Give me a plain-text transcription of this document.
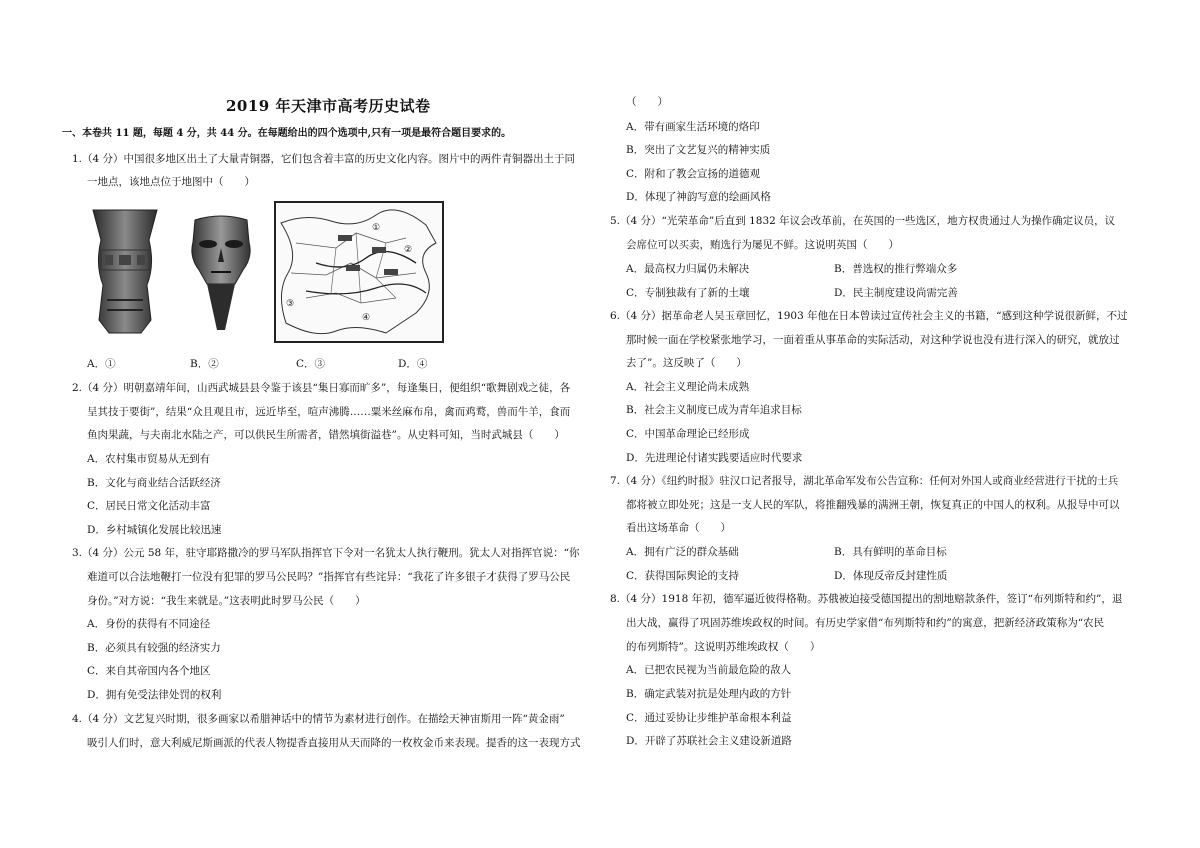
2019 年天津市高考历史试卷
一、本卷共 11 题，每题 4 分，共 44 分。在每题给出的四个选项中,只有一项是最符合题目要求的。
1.（4 分）中国很多地区出土了大量青铜器，它们包含着丰富的历史文化内容。图片中的两件青铜器出土于同
一地点，该地点位于地图中（　　）
①
②
③
④
A．①	B．②	C．③	D．④
2.（4 分）明朝嘉靖年间，山西武城县县令鉴于该县“集日寡而旷多”，每逢集日，便组织“歌舞剧戏之徒，各
呈其技于要街”，结果“众且观且市，远近毕至，喧声沸腾……粟米丝麻布帛，禽而鸡鹜，兽而牛羊，食而
鱼肉果蔬，与夫南北水陆之产，可以供民生所需者，错然填街溢巷”。从史料可知，当时武城县（　　）
A．农村集市贸易从无到有
B．文化与商业结合活跃经济
C．居民日常文化活动丰富
D．乡村城镇化发展比较迅速
3.（4 分）公元 58 年，驻守耶路撒冷的罗马军队指挥官下令对一名犹太人执行鞭刑。犹太人对指挥官说：“你
难道可以合法地鞭打一位没有犯罪的罗马公民吗？”指挥官有些诧异：“我花了许多银子才获得了罗马公民
身份。”对方说：“我生来就是。”这表明此时罗马公民（　　）
A．身份的获得有不同途径
B．必须具有较强的经济实力
C．来自其帝国内各个地区
D．拥有免受法律处罚的权利
4.（4 分）文艺复兴时期，很多画家以希腊神话中的情节为素材进行创作。在描绘天神宙斯用一阵“黄金雨”
吸引人们时，意大利威尼斯画派的代表人物提香直接用从天而降的一枚枚金币来表现。提香的这一表现方式
（　　）
A．带有画家生活环境的烙印
B．突出了文艺复兴的精神实质
C．附和了教会宣扬的道德观
D．体现了神韵写意的绘画风格
5.（4 分）“光荣革命”后直到 1832 年议会改革前，在英国的一些选区，地方权贵通过人为操作确定议员，议
会席位可以买卖，贿选行为屡见不鲜。这说明英国（　　）
A．最高权力归属仍未解决	B．普选权的推行弊端众多
C．专制独裁有了新的土壤	D．民主制度建设尚需完善
6.（4 分）据革命老人吴玉章回忆，1903 年他在日本曾读过宣传社会主义的书籍，“感到这种学说很新鲜，不过
那时候一面在学校紧张地学习，一面着重从事革命的实际活动，对这种学说也没有进行深入的研究，就放过
去了”。这反映了（　　）
A．社会主义理论尚未成熟
B．社会主义制度已成为青年追求目标
C．中国革命理论已经形成
D．先进理论付诸实践要适应时代要求
7.（4 分）《纽约时报》驻汉口记者报导，湖北革命军发布公告宣称：任何对外国人或商业经营进行干扰的士兵
都将被立即处死；这是一支人民的军队，将推翻残暴的满洲王朝，恢复真正的中国人的权利。从报导中可以
看出这场革命（　　）
A．拥有广泛的群众基础	B．具有鲜明的革命目标
C．获得国际舆论的支持	D．体现反帝反封建性质
8.（4 分）1918 年初，德军逼近彼得格勒。苏俄被迫接受德国提出的割地赔款条件，签订“布列斯特和约”，退
出大战，赢得了巩固苏维埃政权的时间。有历史学家借“布列斯特和约”的寓意，把新经济政策称为“农民
的布列斯特”。这说明苏维埃政权（　　）
A．已把农民视为当前最危险的敌人
B．确定武装对抗是处理内政的方针
C．通过妥协让步维护革命根本利益
D．开辟了苏联社会主义建设新道路
